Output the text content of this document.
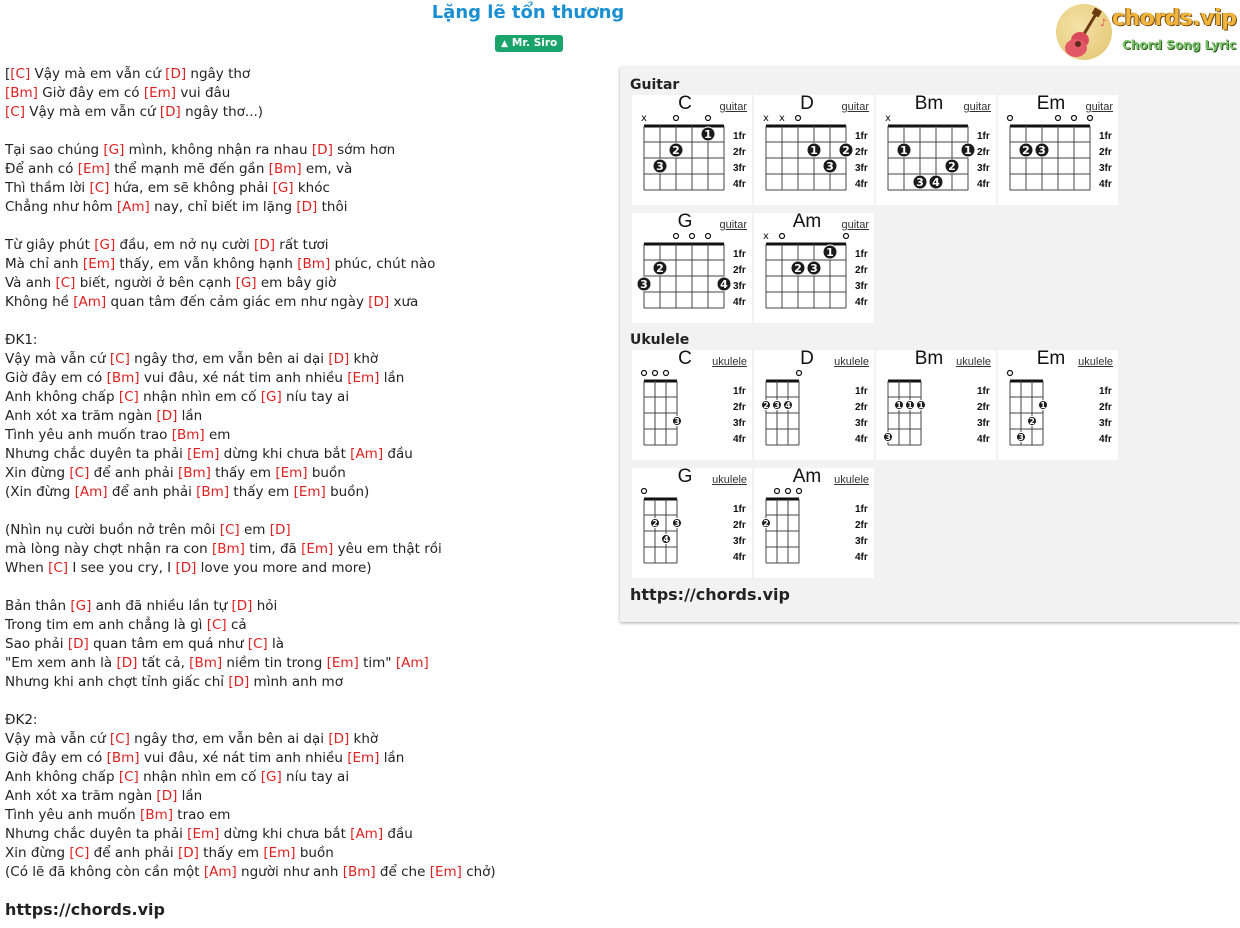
Lặng lẽ tổn thương
▲ Mr. Siro
♪ chords.vip
Chord Song Lyric
[[C] Vậy mà em vẫn cứ [D] ngây thơ
[Bm] Giờ đây em có [Em] vui đâu
[C] Vậy mà em vẫn cứ [D] ngây thơ...)
Tại sao chúng [G] mình, không nhận ra nhau [D] sớm hơn
Để anh có [Em] thể mạnh mẽ đến gần [Bm] em, và
Thì thầm lời [C] hứa, em sẽ không phải [G] khóc
Chẳng như hôm [Am] nay, chỉ biết im lặng [D] thôi
Từ giây phút [G] đầu, em nở nụ cười [D] rất tươi
Mà chỉ anh [Em] thấy, em vẫn không hạnh [Bm] phúc, chút nào
Và anh [C] biết, người ở bên cạnh [G] em bây giờ
Không hề [Am] quan tâm đến cảm giác em như ngày [D] xưa
ĐK1:
Vậy mà vẫn cứ [C] ngây thơ, em vẫn bên ai dại [D] khờ
Giờ đây em có [Bm] vui đâu, xé nát tim anh nhiều [Em] lần
Anh không chấp [C] nhận nhìn em cố [G] níu tay ai
Anh xót xa trăm ngàn [D] lần
Tình yêu anh muốn trao [Bm] em
Nhưng chắc duyên ta phải [Em] dừng khi chưa bắt [Am] đầu
Xin đừng [C] để anh phải [Bm] thấy em [Em] buồn
(Xin đừng [Am] để anh phải [Bm] thấy em [Em] buồn)
(Nhìn nụ cười buồn nở trên môi [C] em [D]
mà lòng này chợt nhận ra con [Bm] tim, đã [Em] yêu em thật rồi
When [C] I see you cry, I [D] love you more and more)
Bản thân [G] anh đã nhiều lần tự [D] hỏi
Trong tim em anh chẳng là gì [C] cả
Sao phải [D] quan tâm em quá như [C] là
"Em xem anh là [D] tất cả, [Bm] niềm tin trong [Em] tim" [Am]
Nhưng khi anh chợt tỉnh giấc chỉ [D] mình anh mơ
ĐK2:
Vậy mà vẫn cứ [C] ngây thơ, em vẫn bên ai dại [D] khờ
Giờ đây em có [Bm] vui đâu, xé nát tim anh nhiều [Em] lần
Anh không chấp [C] nhận nhìn em cố [G] níu tay ai
Anh xót xa trăm ngàn [D] lần
Tình yêu anh muốn [Bm] trao em
Nhưng chắc duyên ta phải [Em] dừng khi chưa bắt [Am] đầu
Xin đừng [C] để anh phải [D] thấy em [Em] buồn
(Có lẽ đã không còn cần một [Am] người như anh [Bm] để che [Em] chở)
https://chords.vip
Guitar
C	guitar
1fr
2fr
3fr
4fr
x
1
2
3
D	guitar
1fr
2fr
3fr
4fr
x x
1 2
3
Bm	guitar
1fr
2fr
3fr
4fr
x
1	1
2
3 4
Em	guitar
1fr
2fr
3fr
4fr
2 3
G	guitar
1fr
2fr
3fr
4fr
2
3	4
Am	guitar
1fr
2fr
3fr
4fr
x
1
2 3
Ukulele
C	ukulele
1fr
2fr
3fr
4fr
3
D	ukulele
1fr
2fr
3fr
4fr
2 3 4
Bm	ukulele
1fr
2fr
3fr
4fr
1 1 1
3
Em	ukulele
1fr
2fr
3fr
4fr
1
2
3
G	ukulele
1fr
2fr
3fr
4fr
2 3
4
Am	ukulele
1fr
2fr
3fr
4fr
2
https://chords.vip
